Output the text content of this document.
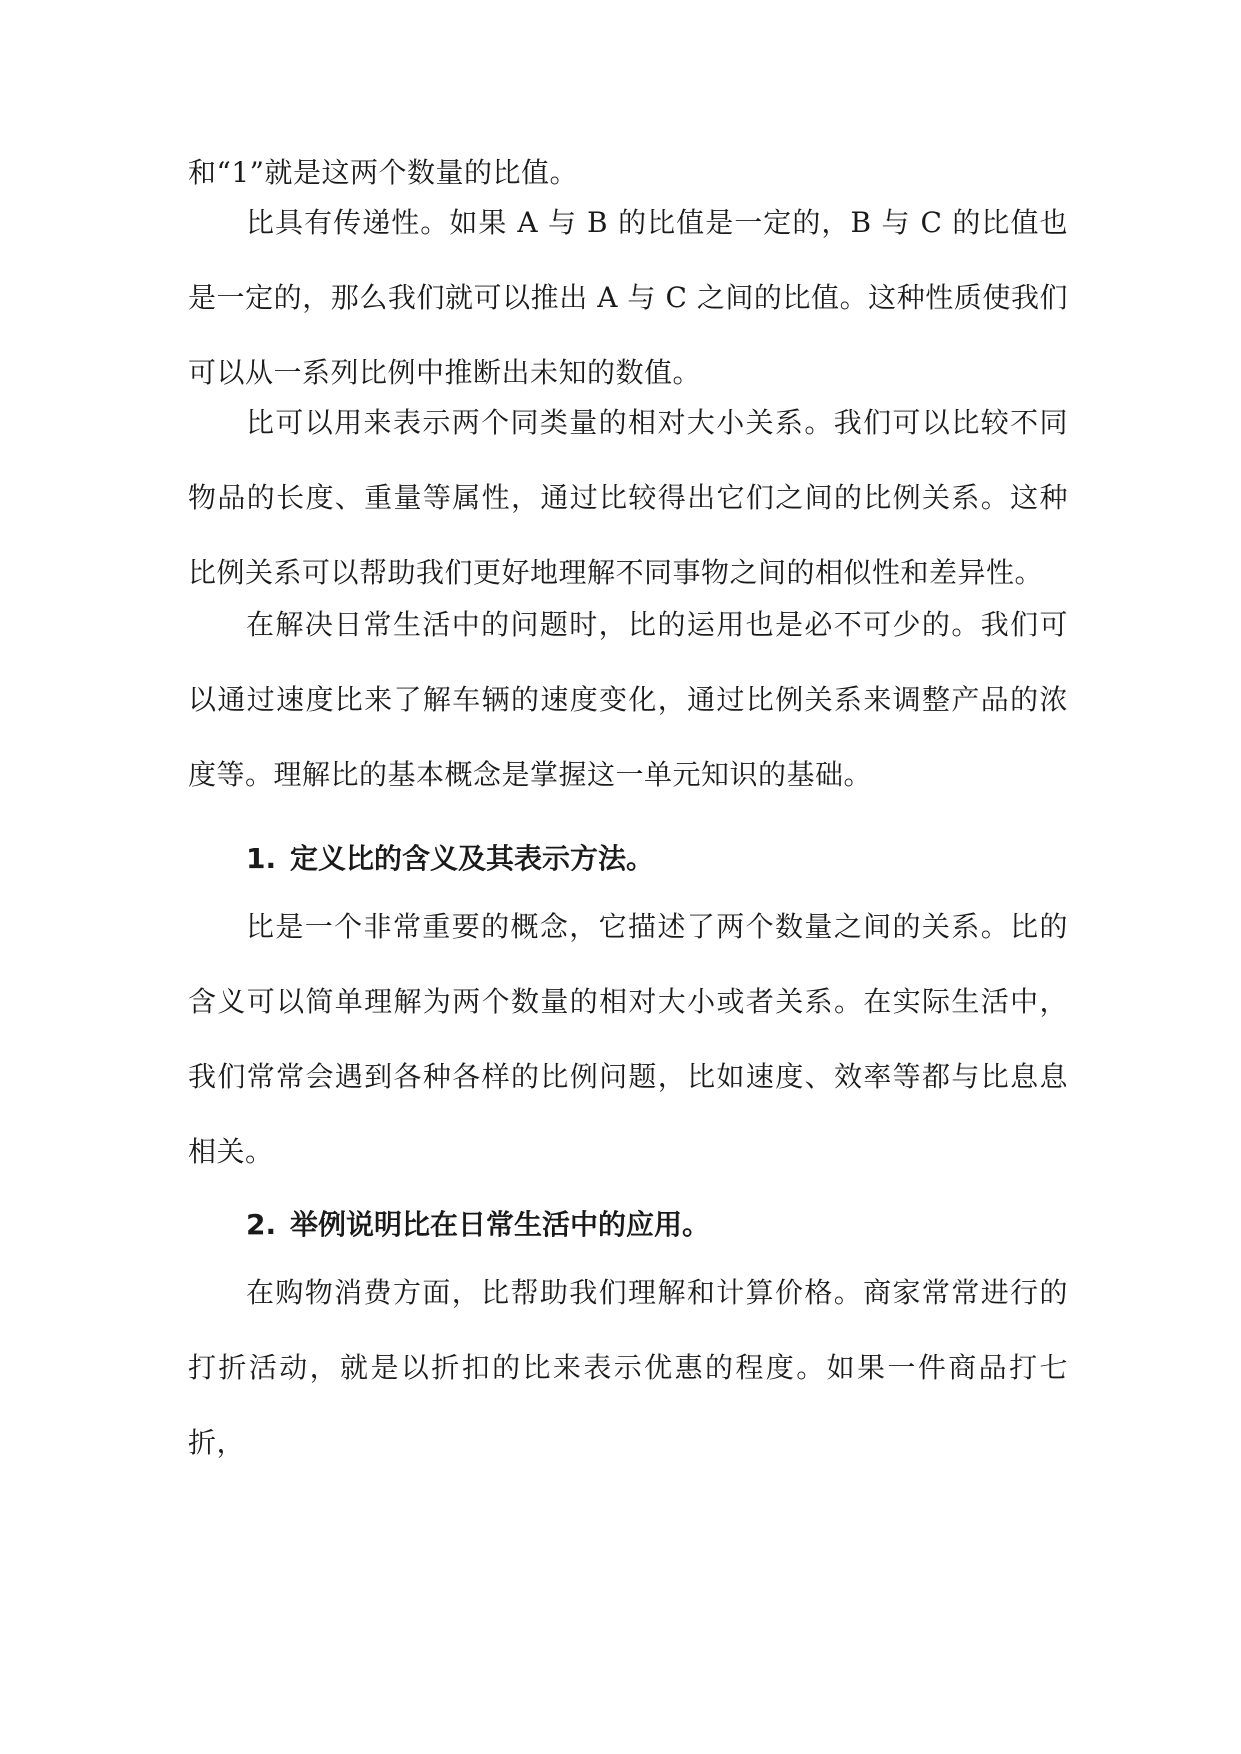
和“1”就是这两个数量的比值。

比具有传递性。如果 A 与 B 的比值是一定的，B 与 C 的比值也是一定的，那么我们就可以推出 A 与 C 之间的比值。这种性质使我们可以从一系列比例中推断出未知的数值。

比可以用来表示两个同类量的相对大小关系。我们可以比较不同物品的长度、重量等属性，通过比较得出它们之间的比例关系。这种比例关系可以帮助我们更好地理解不同事物之间的相似性和差异性。

在解决日常生活中的问题时，比的运用也是必不可少的。我们可以通过速度比来了解车辆的速度变化，通过比例关系来调整产品的浓度等。理解比的基本概念是掌握这一单元知识的基础。

1. 定义比的含义及其表示方法。

比是一个非常重要的概念，它描述了两个数量之间的关系。比的含义可以简单理解为两个数量的相对大小或者关系。在实际生活中，我们常常会遇到各种各样的比例问题，比如速度、效率等都与比息息相关。

2. 举例说明比在日常生活中的应用。

在购物消费方面，比帮助我们理解和计算价格。商家常常进行的打折活动，就是以折扣的比来表示优惠的程度。如果一件商品打七折，
